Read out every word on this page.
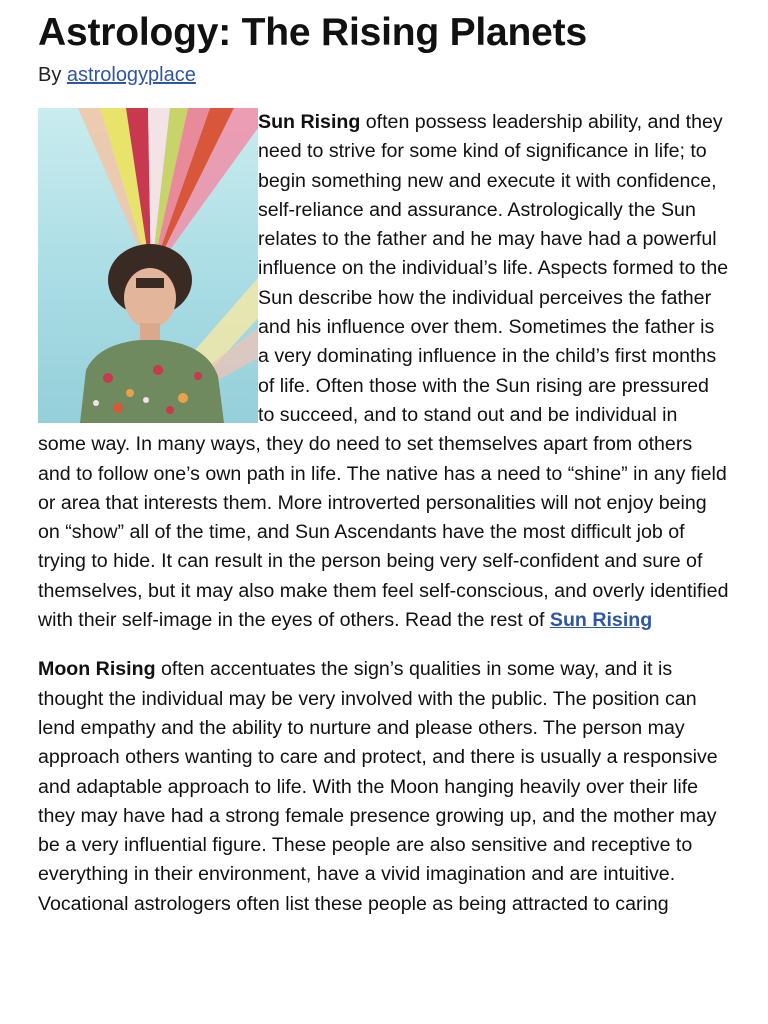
Astrology: The Rising Planets
By astrologyplace
Sun Rising often possess leadership ability, and they need to strive for some kind of significance in life; to begin something new and execute it with confidence, self-reliance and assurance. Astrologically the Sun relates to the father and he may have had a powerful influence on the individual’s life. Aspects formed to the Sun describe how the individual perceives the father and his influence over them. Sometimes the father is a very dominating influence in the child’s first months of life. Often those with the Sun rising are pressured to succeed, and to stand out and be individual in some way. In many ways, they do need to set themselves apart from others and to follow one’s own path in life. The native has a need to “shine” in any field or area that interests them. More introverted personalities will not enjoy being on “show” all of the time, and Sun Ascendants have the most difficult job of trying to hide. It can result in the person being very self-confident and sure of themselves, but it may also make them feel self-conscious, and overly identified with their self-image in the eyes of others. Read the rest of Sun Rising
Moon Rising often accentuates the sign’s qualities in some way, and it is thought the individual may be very involved with the public. The position can lend empathy and the ability to nurture and please others. The person may approach others wanting to care and protect, and there is usually a responsive and adaptable approach to life. With the Moon hanging heavily over their life they may have had a strong female presence growing up, and the mother may be a very influential figure. These people are also sensitive and receptive to everything in their environment, have a vivid imagination and are intuitive. Vocational astrologers often list these people as being attracted to caring
